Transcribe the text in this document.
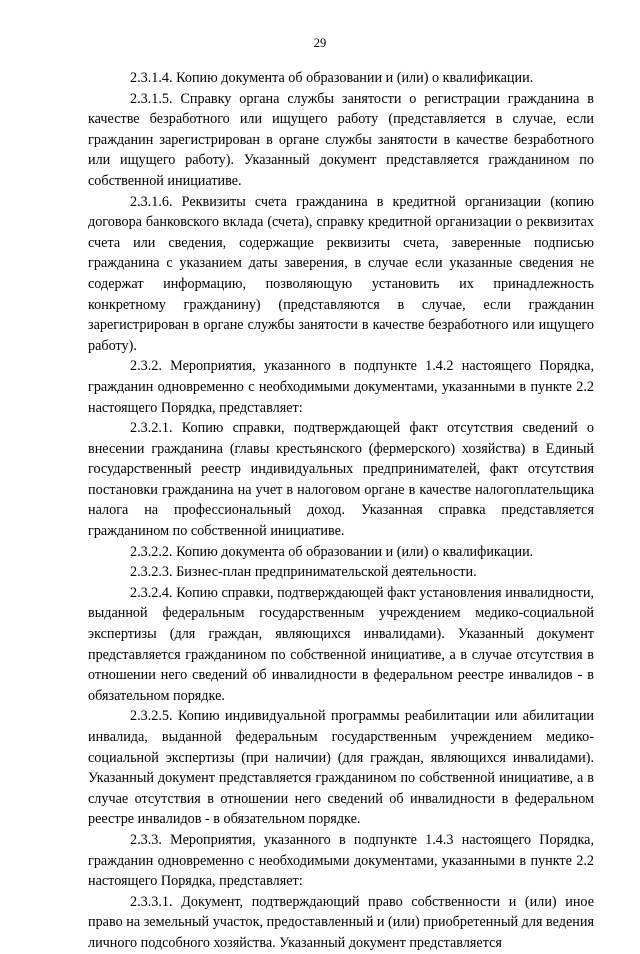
29

2.3.1.4. Копию документа об образовании и (или) о квалификации.

2.3.1.5. Справку органа службы занятости о регистрации гражданина в качестве безработного или ищущего работу (представляется в случае, если гражданин зарегистрирован в органе службы занятости в качестве безработного или ищущего работу). Указанный документ представляется гражданином по собственной инициативе.

2.3.1.6. Реквизиты счета гражданина в кредитной организации (копию договора банковского вклада (счета), справку кредитной организации о реквизитах счета или сведения, содержащие реквизиты счета, заверенные подписью гражданина с указанием даты заверения, в случае если указанные сведения не содержат информацию, позволяющую установить их принадлежность конкретному гражданину) (представляются в случае, если гражданин зарегистрирован в органе службы занятости в качестве безработного или ищущего работу).

2.3.2. Мероприятия, указанного в подпункте 1.4.2 настоящего Порядка, гражданин одновременно с необходимыми документами, указанными в пункте 2.2 настоящего Порядка, представляет:

2.3.2.1. Копию справки, подтверждающей факт отсутствия сведений о внесении гражданина (главы крестьянского (фермерского) хозяйства) в Единый государственный реестр индивидуальных предпринимателей, факт отсутствия постановки гражданина на учет в налоговом органе в качестве налогоплательщика налога на профессиональный доход. Указанная справка представляется гражданином по собственной инициативе.

2.3.2.2. Копию документа об образовании и (или) о квалификации.

2.3.2.3. Бизнес-план предпринимательской деятельности.

2.3.2.4. Копию справки, подтверждающей факт установления инвалидности, выданной федеральным государственным учреждением медико-социальной экспертизы (для граждан, являющихся инвалидами). Указанный документ представляется гражданином по собственной инициативе, а в случае отсутствия в отношении него сведений об инвалидности в федеральном реестре инвалидов - в обязательном порядке.

2.3.2.5. Копию индивидуальной программы реабилитации или абилитации инвалида, выданной федеральным государственным учреждением медико-социальной экспертизы (при наличии) (для граждан, являющихся инвалидами). Указанный документ представляется гражданином по собственной инициативе, а в случае отсутствия в отношении него сведений об инвалидности в федеральном реестре инвалидов - в обязательном порядке.

2.3.3. Мероприятия, указанного в подпункте 1.4.3 настоящего Порядка, гражданин одновременно с необходимыми документами, указанными в пункте 2.2 настоящего Порядка, представляет:

2.3.3.1. Документ, подтверждающий право собственности и (или) иное право на земельный участок, предоставленный и (или) приобретенный для ведения личного подсобного хозяйства. Указанный документ представляется
